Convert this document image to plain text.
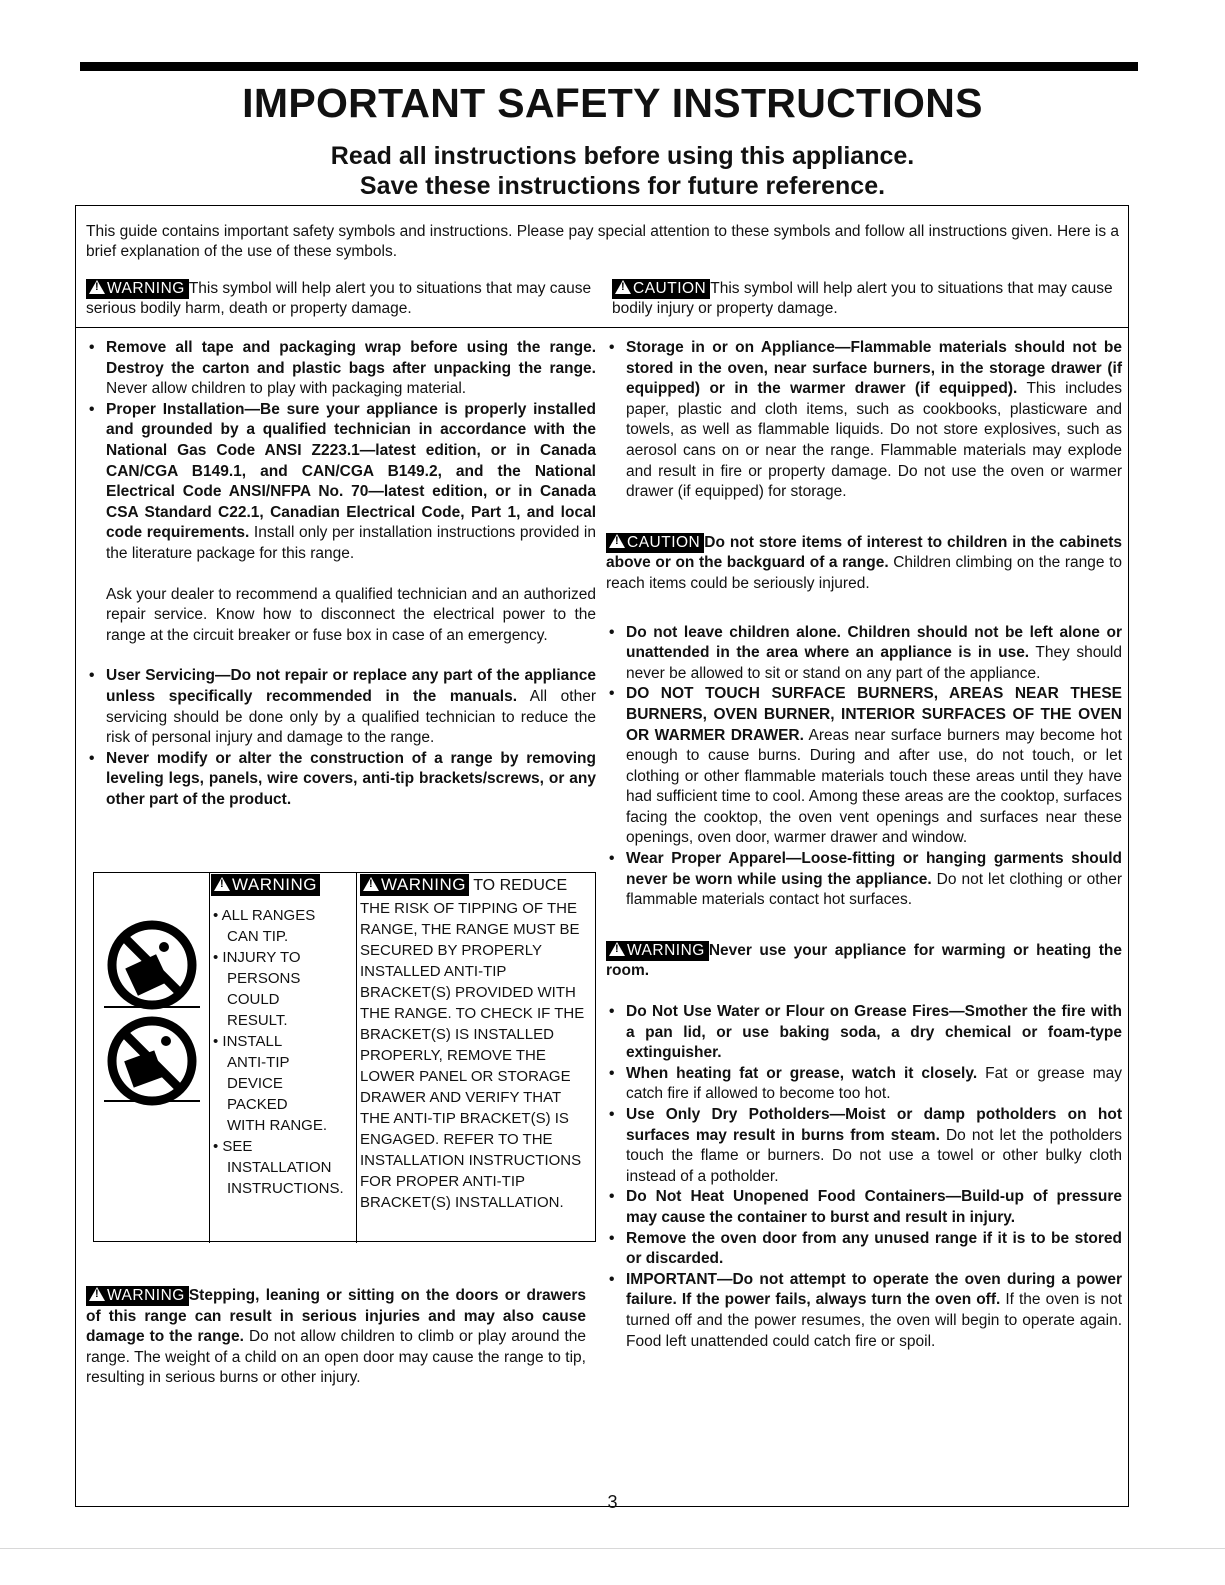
IMPORTANT SAFETY INSTRUCTIONS
Read all instructions before using this appliance.
Save these instructions for future reference.
This guide contains important safety symbols and instructions. Please pay special attention to these symbols and follow all instructions given. Here is a brief explanation of the use of these symbols.
!WARNING This symbol will help alert you to situations that may cause serious bodily harm, death or property damage.
!CAUTION This symbol will help alert you to situations that may cause bodily injury or property damage.
• Remove all tape and packaging wrap before using the range. Destroy the carton and plastic bags after unpacking the range. Never allow children to play with packaging material.
• Proper Installation—Be sure your appliance is properly installed and grounded by a qualified technician in accordance with the National Gas Code ANSI Z223.1—latest edition, or in Canada CAN/CGA B149.1, and CAN/CGA B149.2, and the National Electrical Code ANSI/NFPA No. 70—latest edition, or in Canada CSA Standard C22.1, Canadian Electrical Code, Part 1, and local code requirements. Install only per installation instructions provided in the literature package for this range.

Ask your dealer to recommend a qualified technician and an authorized repair service. Know how to disconnect the electrical power to the range at the circuit breaker or fuse box in case of an emergency.

• User Servicing—Do not repair or replace any part of the appliance unless specifically recommended in the manuals. All other servicing should be done only by a qualified technician to reduce the risk of personal injury and damage to the range.
• Never modify or alter the construction of a range by removing leveling legs, panels, wire covers, anti-tip brackets/screws, or any other part of the product.
!WARNING
• ALL RANGES
CAN TIP.
• INJURY TO
PERSONS
COULD
RESULT.
• INSTALL
ANTI-TIP
DEVICE
PACKED
WITH RANGE.
• SEE
INSTALLATION
INSTRUCTIONS.
!WARNING TO REDUCE
THE RISK OF TIPPING OF THE RANGE, THE RANGE MUST BE SECURED BY PROPERLY INSTALLED ANTI-TIP BRACKET(S) PROVIDED WITH THE RANGE. TO CHECK IF THE BRACKET(S) IS INSTALLED PROPERLY, REMOVE THE LOWER PANEL OR STORAGE DRAWER AND VERIFY THAT THE ANTI-TIP BRACKET(S) IS ENGAGED. REFER TO THE INSTALLATION INSTRUCTIONS FOR PROPER ANTI-TIP BRACKET(S) INSTALLATION.
!WARNING Stepping, leaning or sitting on the doors or drawers of this range can result in serious injuries and may also cause damage to the range. Do not allow children to climb or play around the range. The weight of a child on an open door may cause the range to tip, resulting in serious burns or other injury.
• Storage in or on Appliance—Flammable materials should not be stored in the oven, near surface burners, in the storage drawer (if equipped) or in the warmer drawer (if equipped). This includes paper, plastic and cloth items, such as cookbooks, plasticware and towels, as well as flammable liquids. Do not store explosives, such as aerosol cans on or near the range. Flammable materials may explode and result in fire or property damage. Do not use the oven or warmer drawer (if equipped) for storage.

!CAUTION Do not store items of interest to children in the cabinets above or on the backguard of a range. Children climbing on the range to reach items could be seriously injured.

• Do not leave children alone. Children should not be left alone or unattended in the area where an appliance is in use. They should never be allowed to sit or stand on any part of the appliance.
• DO NOT TOUCH SURFACE BURNERS, AREAS NEAR THESE BURNERS, OVEN BURNER, INTERIOR SURFACES OF THE OVEN OR WARMER DRAWER. Areas near surface burners may become hot enough to cause burns. During and after use, do not touch, or let clothing or other flammable materials touch these areas until they have had sufficient time to cool. Among these areas are the cooktop, surfaces facing the cooktop, the oven vent openings and surfaces near these openings, oven door, warmer drawer and window.
• Wear Proper Apparel—Loose-fitting or hanging garments should never be worn while using the appliance. Do not let clothing or other flammable materials contact hot surfaces.

!WARNING Never use your appliance for warming or heating the room.

• Do Not Use Water or Flour on Grease Fires—Smother the fire with a pan lid, or use baking soda, a dry chemical or foam-type extinguisher.
• When heating fat or grease, watch it closely. Fat or grease may catch fire if allowed to become too hot.
• Use Only Dry Potholders—Moist or damp potholders on hot surfaces may result in burns from steam. Do not let the potholders touch the flame or burners. Do not use a towel or other bulky cloth instead of a potholder.
• Do Not Heat Unopened Food Containers—Build-up of pressure may cause the container to burst and result in injury.
• Remove the oven door from any unused range if it is to be stored or discarded.
• IMPORTANT—Do not attempt to operate the oven during a power failure. If the power fails, always turn the oven off. If the oven is not turned off and the power resumes, the oven will begin to operate again. Food left unattended could catch fire or spoil.
3
